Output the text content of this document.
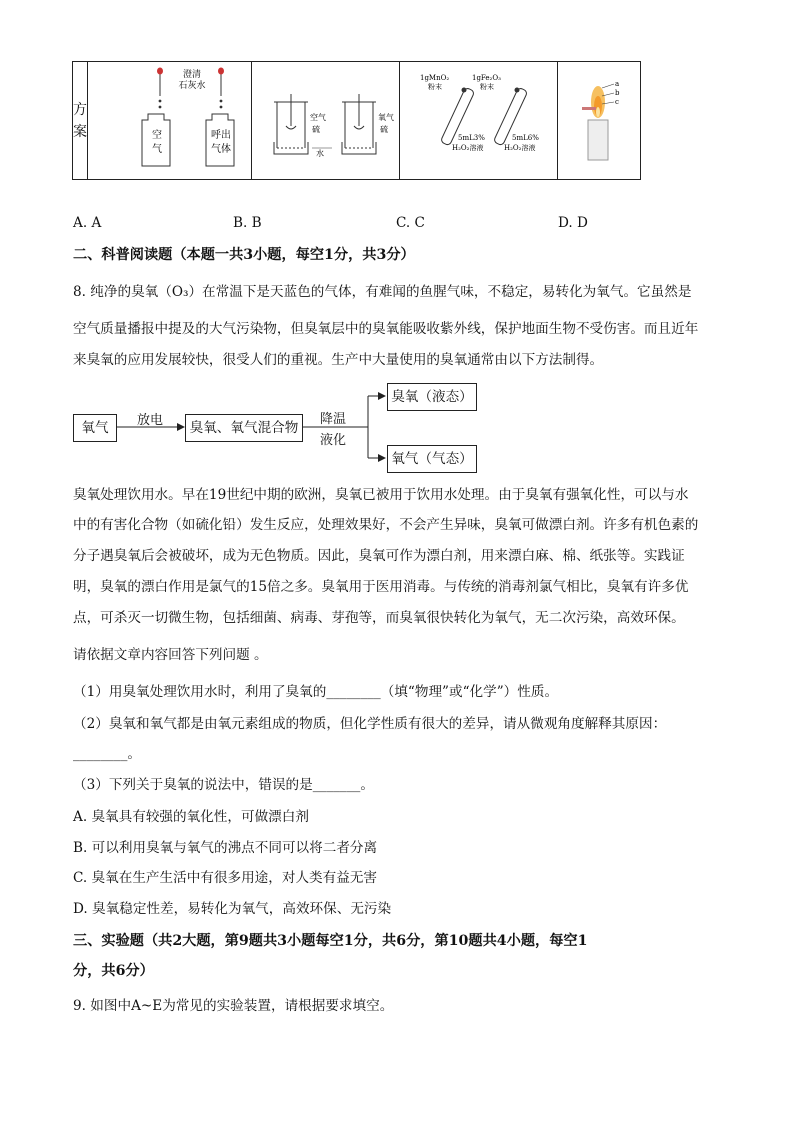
方
案	
澄清
石灰水
空
气
呼出
气体

空气
硫
氧气
硫
水

1gMnO₂
粉末
1gFe₂O₃
粉末
5mL3%
H₂O₂溶液
5mL6%
H₂O₂溶液

a
b
c
A. A	B. B	C. C	D. D
二、科普阅读题（本题一共3小题，每空1分，共3分）
8. 纯净的臭氧（O₃）在常温下是天蓝色的气体，有难闻的鱼腥气味，不稳定，易转化为氧气。它虽然是
空气质量播报中提及的大气污染物，但臭氧层中的臭氧能吸收紫外线，保护地面生物不受伤害。而且近年
来臭氧的应用发展较快，很受人们的重视。生产中大量使用的臭氧通常由以下方法制得。
氧气	放电	臭氧、氧气混合物
降温
液化
臭氧（液态）
氧气（气态）
臭氧处理饮用水。早在19世纪中期的欧洲，臭氧已被用于饮用水处理。由于臭氧有强氧化性，可以与水
中的有害化合物（如硫化铅）发生反应，处理效果好，不会产生异味，臭氧可做漂白剂。许多有机色素的
分子遇臭氧后会被破坏，成为无色物质。因此，臭氧可作为漂白剂，用来漂白麻、棉、纸张等。实践证
明，臭氧的漂白作用是氯气的15倍之多。臭氧用于医用消毒。与传统的消毒剂氯气相比，臭氧有许多优
点，可杀灭一切微生物，包括细菌、病毒、芽孢等，而臭氧很快转化为氧气，无二次污染，高效环保。
请依据文章内容回答下列问题 。
（1）用臭氧处理饮用水时，利用了臭氧的________（填“物理”或“化学”）性质。
（2）臭氧和氧气都是由氧元素组成的物质，但化学性质有很大的差异，请从微观角度解释其原因：
________。
（3）下列关于臭氧的说法中，错误的是_______。
A. 臭氧具有较强的氧化性，可做漂白剂
B. 可以利用臭氧与氧气的沸点不同可以将二者分离
C. 臭氧在生产生活中有很多用途，对人类有益无害
D. 臭氧稳定性差，易转化为氧气，高效环保、无污染
三、实验题（共2大题，第9题共3小题每空1分，共6分，第10题共4小题，每空1
分，共6分）
9. 如图中A~E为常见的实验装置，请根据要求填空。
